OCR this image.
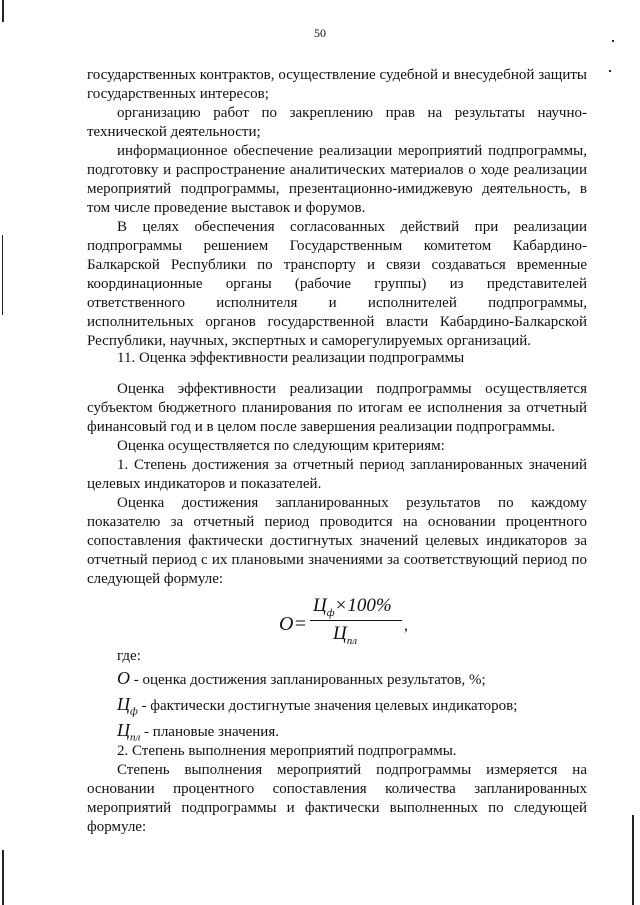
50

государственных контрактов, осуществление судебной и внесудебной защиты государственных интересов;

организацию работ по закреплению прав на результаты научно-технической деятельности;

информационное обеспечение реализации мероприятий подпрограммы, подготовку и распространение аналитических материалов о ходе реализации мероприятий подпрограммы, презентационно-имиджевую деятельность, в том числе проведение выставок и форумов.

В целях обеспечения согласованных действий при реализации подпрограммы решением Государственным комитетом Кабардино-Балкарской Республики по транспорту и связи создаваться временные координационные органы (рабочие группы) из представителей ответственного исполнителя и исполнителей подпрограммы, исполнительных органов государственной власти Кабардино-Балкарской Республики, научных, экспертных и саморегулируемых организаций.

11. Оценка эффективности реализации подпрограммы

Оценка эффективности реализации подпрограммы осуществляется субъектом бюджетного планирования по итогам ее исполнения за отчетный финансовый год и в целом после завершения реализации подпрограммы.

Оценка осуществляется по следующим критериям:

1. Степень достижения за отчетный период запланированных значений целевых индикаторов и показателей.

Оценка достижения запланированных результатов по каждому показателю за отчетный период проводится на основании процентного сопоставления фактически достигнутых значений целевых индикаторов за отчетный период с их плановыми значениями за соответствующий период по следующей формуле:

О=
$Ц_ф\times 100\%$
$Ц_{пл}$
,
где:
О - оценка достижения запланированных результатов, %;
$Ц_ф$ - фактически достигнутые значения целевых индикаторов;
$Ц_{пл}$ - плановые значения.

2. Степень выполнения мероприятий подпрограммы.

Степень выполнения мероприятий подпрограммы измеряется на основании процентного сопоставления количества запланированных мероприятий подпрограммы и фактически выполненных по следующей формуле:
